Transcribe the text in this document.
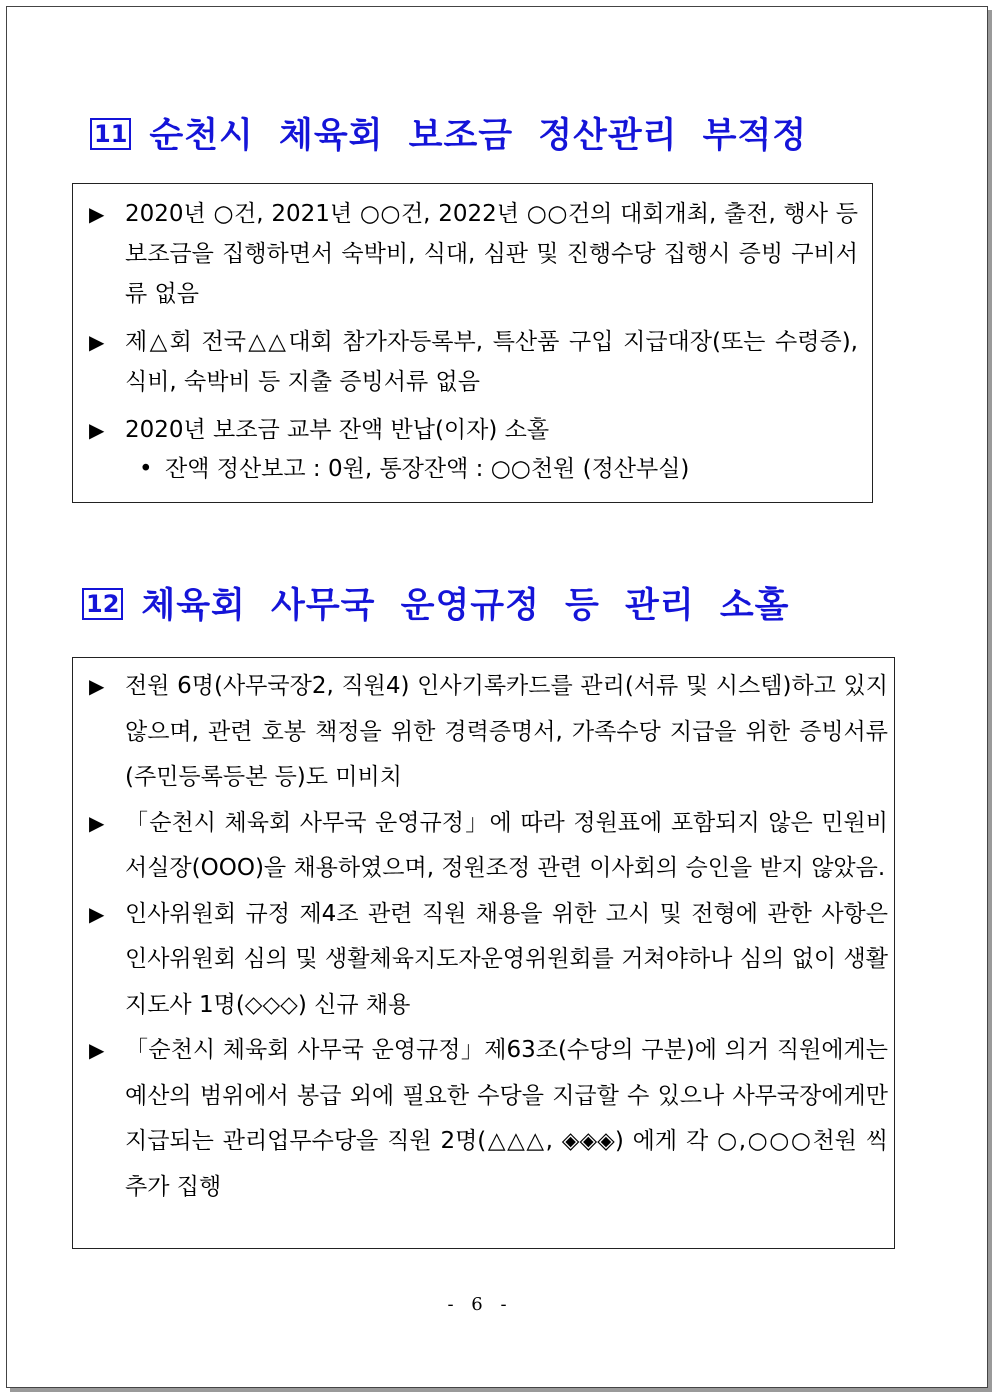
11 순천시 체육회 보조금 정산관리 부적정
▶ 2020년 ○건, 2021년 ○○건, 2022년 ○○건의 대회개최, 출전, 행사 등 보조금을 집행하면서 숙박비, 식대, 심판 및 진행수당 집행시 증빙 구비서류 없음
▶ 제△회 전국△△대회 참가자등록부, 특산품 구입 지급대장(또는 수령증), 식비, 숙박비 등 지출 증빙서류 없음
▶ 2020년 보조금 교부 잔액 반납(이자) 소홀
• 잔액 정산보고 : 0원, 통장잔액 : ○○천원 (정산부실)
12 체육회 사무국 운영규정 등 관리 소홀
▶ 전원 6명(사무국장2, 직원4) 인사기록카드를 관리(서류 및 시스템)하고 있지 않으며, 관련 호봉 책정을 위한 경력증명서, 가족수당 지급을 위한 증빙서류(주민등록등본 등)도 미비치
▶ 「순천시 체육회 사무국 운영규정」에 따라 정원표에 포함되지 않은 민원비서실장(OOO)을 채용하였으며, 정원조정 관련 이사회의 승인을 받지 않았음.
▶ 인사위원회 규정 제4조 관련 직원 채용을 위한 고시 및 전형에 관한 사항은 인사위원회 심의 및 생활체육지도자운영위원회를 거쳐야하나 심의 없이 생활지도사 1명(◇◇◇) 신규 채용
▶ 「순천시 체육회 사무국 운영규정」제63조(수당의 구분)에 의거 직원에게는 예산의 범위에서 봉급 외에 필요한 수당을 지급할 수 있으나 사무국장에게만 지급되는 관리업무수당을 직원 2명(△△△, ◈◈◈) 에게 각 ○,○○○천원 씩 추가 집행
- 6 -
